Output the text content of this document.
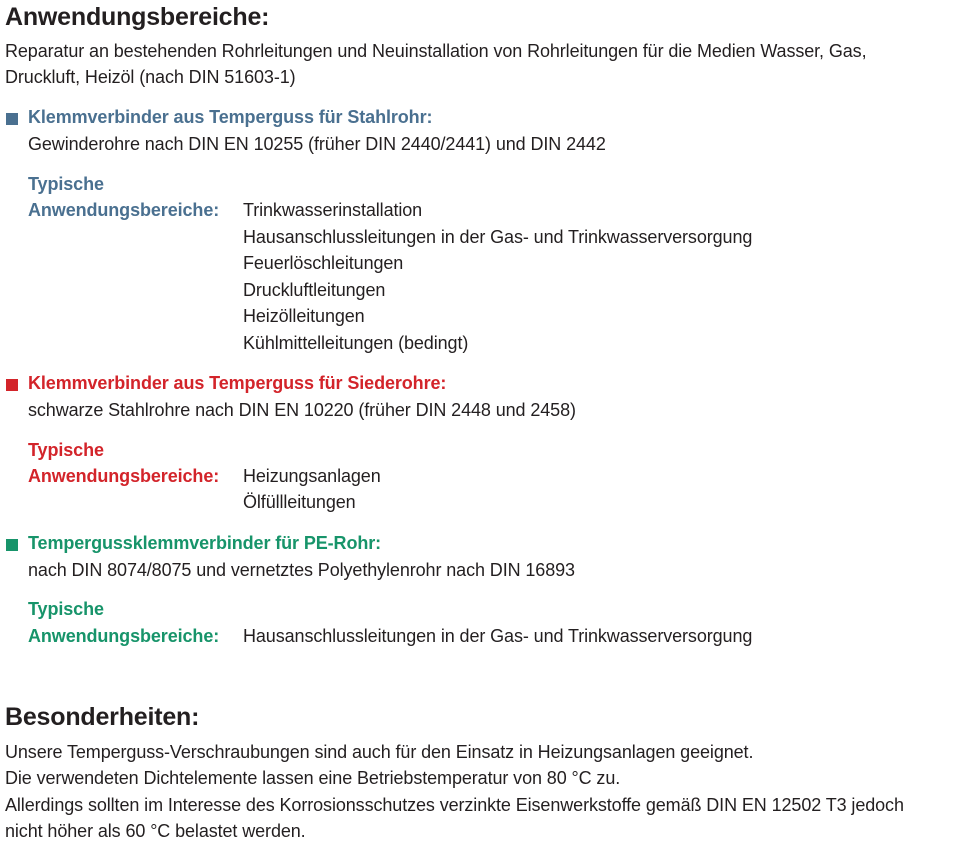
Anwendungsbereiche:
Reparatur an bestehenden Rohrleitungen und Neuinstallation von Rohrleitungen für die Medien Wasser, Gas,
Druckluft, Heizöl (nach DIN 51603-1)
Klemmverbinder aus Temperguss für Stahlrohr:
Gewinderohre nach DIN EN 10255 (früher DIN 2440/2441) und DIN 2442
Typische
Anwendungsbereiche: Trinkwasserinstallation
Hausanschlussleitungen in der Gas- und Trinkwasserversorgung
Feuerlöschleitungen
Druckluftleitungen
Heizölleitungen
Kühlmittelleitungen (bedingt)
Klemmverbinder aus Temperguss für Siederohre:
schwarze Stahlrohre nach DIN EN 10220 (früher DIN 2448 und 2458)
Typische
Anwendungsbereiche: Heizungsanlagen
Ölfüllleitungen
Tempergussklemmverbinder für PE-Rohr:
nach DIN 8074/8075 und vernetztes Polyethylenrohr nach DIN 16893
Typische
Anwendungsbereiche: Hausanschlussleitungen in der Gas- und Trinkwasserversorgung
Besonderheiten:
Unsere Temperguss-Verschraubungen sind auch für den Einsatz in Heizungsanlagen geeignet.
Die verwendeten Dichtelemente lassen eine Betriebstemperatur von 80 °C zu.
Allerdings sollten im Interesse des Korrosionsschutzes verzinkte Eisenwerkstoffe gemäß DIN EN 12502 T3 jedoch
nicht höher als 60 °C belastet werden.
